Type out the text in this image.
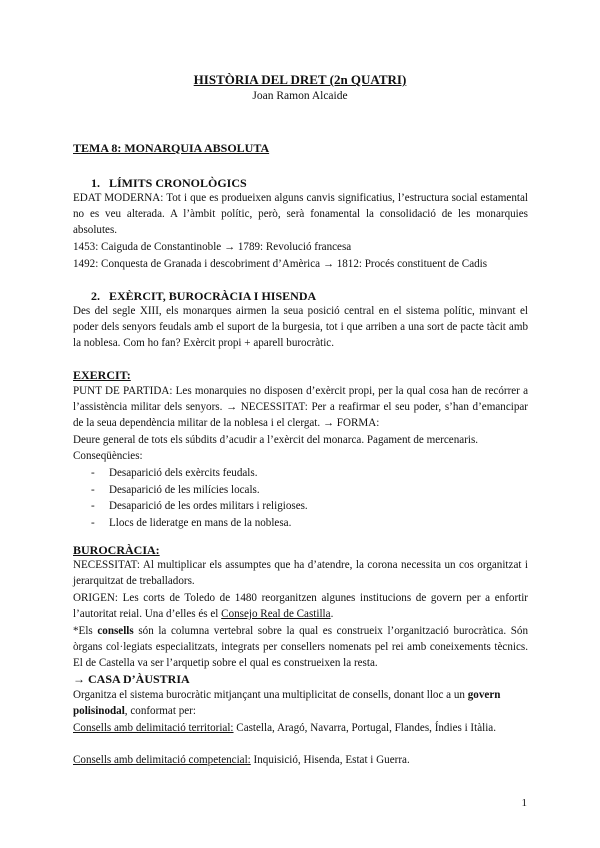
HISTÒRIA DEL DRET (2n QUATRI)
Joan Ramon Alcaide
TEMA 8: MONARQUIA ABSOLUTA
1. LÍMITS CRONOLÒGICS
EDAT MODERNA: Tot i que es produeixen alguns canvis significatius, l’estructura social estamental no es veu alterada. A l’àmbit polític, però, serà fonamental la consolidació de les monarquies absolutes.
1453: Caiguda de Constantinoble → 1789: Revolució francesa
1492: Conquesta de Granada i descobriment d’Amèrica → 1812: Procés constituent de Cadis
2. EXÈRCIT, BUROCRÀCIA I HISENDA
Des del segle XIII, els monarques airmen la seua posició central en el sistema polític, minvant el poder dels senyors feudals amb el suport de la burgesia, tot i que arriben a una sort de pacte tàcit amb la noblesa. Com ho fan? Exèrcit propi + aparell burocràtic.
EXERCIT:
PUNT DE PARTIDA: Les monarquies no disposen d’exèrcit propi, per la qual cosa han de recórrer a l’assistència militar dels senyors. → NECESSITAT: Per a reafirmar el seu poder, s’han d’emancipar de la seua dependència militar de la noblesa i el clergat. → FORMA:
Deure general de tots els súbdits d’acudir a l’exèrcit del monarca. Pagament de mercenaris.
Conseqüències:
- Desaparició dels exèrcits feudals.
- Desaparició de les milícies locals.
- Desaparició de les ordes militars i religioses.
- Llocs de lideratge en mans de la noblesa.
BUROCRÀCIA:
NECESSITAT: Al multiplicar els assumptes que ha d’atendre, la corona necessita un cos organitzat i jerarquitzat de treballadors.
ORIGEN: Les corts de Toledo de 1480 reorganitzen algunes institucions de govern per a enfortir l’autoritat reial. Una d’elles és el Consejo Real de Castilla.
*Els consells són la columna vertebral sobre la qual es construeix l’organització burocràtica. Són òrgans col·legiats especialitzats, integrats per consellers nomenats pel rei amb coneixements tècnics. El de Castella va ser l’arquetip sobre el qual es construeixen la resta.
→ CASA D’ÀUSTRIA
Organitza el sistema burocràtic mitjançant una multiplicitat de consells, donant lloc a un govern polisinodal, conformat per:
Consells amb delimitació territorial: Castella, Aragó, Navarra, Portugal, Flandes, Índies i Itàlia.
Consells amb delimitació competencial: Inquisició, Hisenda, Estat i Guerra.
1
